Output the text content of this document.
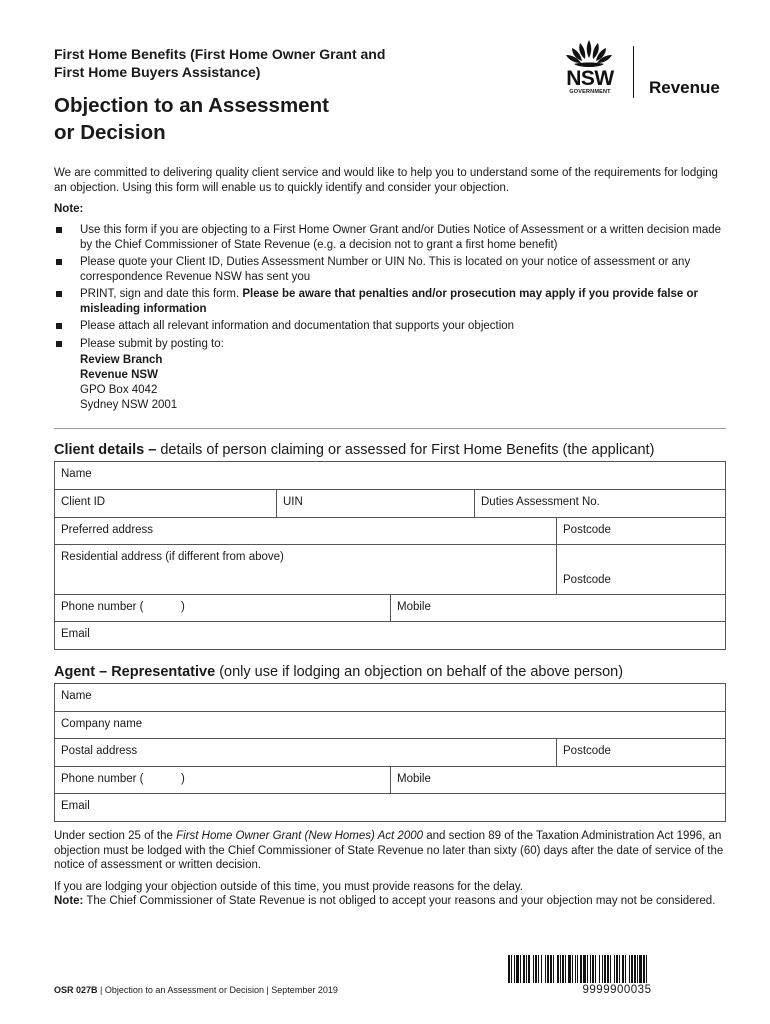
First Home Benefits (First Home Owner Grant and
First Home Buyers Assistance)
Objection to an Assessment
or Decision
NSW
GOVERNMENT	Revenue
We are committed to delivering quality client service and would like to help you to understand some of the requirements for lodging an objection. Using this form will enable us to quickly identify and consider your objection.
Note:
Use this form if you are objecting to a First Home Owner Grant and/or Duties Notice of Assessment or a written decision made by the Chief Commissioner of State Revenue (e.g. a decision not to grant a first home benefit)
Please quote your Client ID, Duties Assessment Number or UIN No. This is located on your notice of assessment or any correspondence Revenue NSW has sent you
PRINT, sign and date this form. Please be aware that penalties and/or prosecution may apply if you provide false or misleading information
Please attach all relevant information and documentation that supports your objection
Please submit by posting to:
Review Branch
Revenue NSW
GPO Box 4042
Sydney NSW 2001
Client details – details of person claiming or assessed for First Home Benefits (the applicant)
Name
Client ID	UIN	Duties Assessment No.
Preferred address	Postcode
Residential address (if different from above)
Postcode
Phone number (	)	Mobile
Email
Agent – Representative (only use if lodging an objection on behalf of the above person)
Name
Company name
Postal address	Postcode
Phone number (	)	Mobile
Email

Under section 25 of the First Home Owner Grant (New Homes) Act 2000 and section 89 of the Taxation Administration Act 1996, an objection must be lodged with the Chief Commissioner of State Revenue no later than sixty (60) days after the date of service of the notice of assessment or written decision.

If you are lodging your objection outside of this time, you must provide reasons for the delay.

Note: The Chief Commissioner of State Revenue is not obliged to accept your reasons and your objection may not be considered.

OSR 027B | Objection to an Assessment or Decision | September 2019	9999900035
